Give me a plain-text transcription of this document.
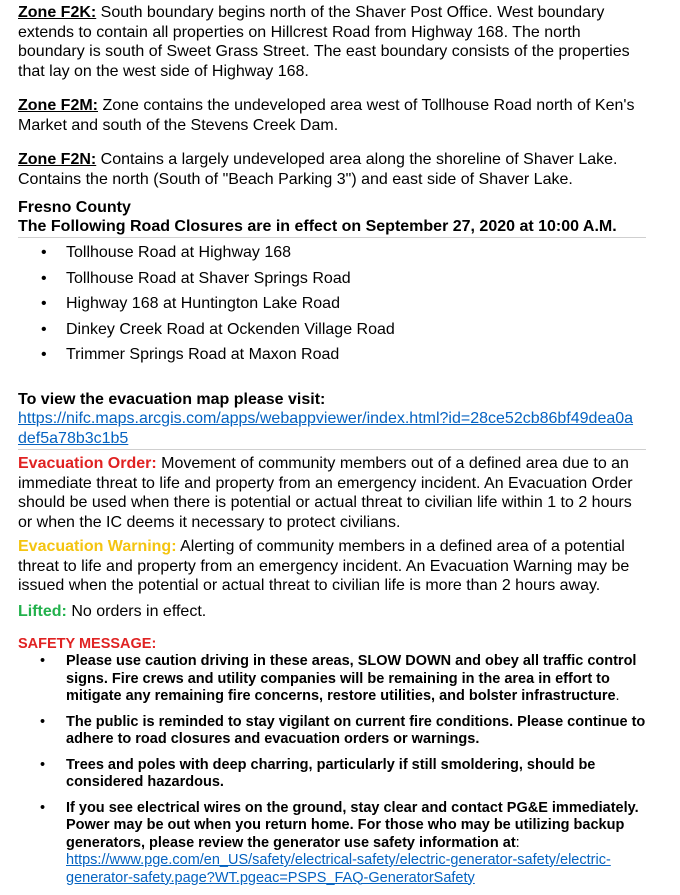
Zone F2K: South boundary begins north of the Shaver Post Office. West boundary extends to contain all properties on Hillcrest Road from Highway 168. The north boundary is south of Sweet Grass Street. The east boundary consists of the properties that lay on the west side of Highway 168.

Zone F2M: Zone contains the undeveloped area west of Tollhouse Road north of Ken's Market and south of the Stevens Creek Dam.

Zone F2N: Contains a largely undeveloped area along the shoreline of Shaver Lake. Contains the north (South of "Beach Parking 3") and east side of Shaver Lake.

Fresno County

The Following Road Closures are in effect on September 27, 2020 at 10:00 A.M.

• Tollhouse Road at Highway 168
• Tollhouse Road at Shaver Springs Road
• Highway 168 at Huntington Lake Road
• Dinkey Creek Road at Ockenden Village Road
• Trimmer Springs Road at Maxon Road

To view the evacuation map please visit:

https://nifc.maps.arcgis.com/apps/webappviewer/index.html?id=28ce52cb86bf49dea0a
def5a78b3c1b5

Evacuation Order: Movement of community members out of a defined area due to an immediate threat to life and property from an emergency incident. An Evacuation Order should be used when there is potential or actual threat to civilian life within 1 to 2 hours or when the IC deems it necessary to protect civilians.

Evacuation Warning: Alerting of community members in a defined area of a potential threat to life and property from an emergency incident. An Evacuation Warning may be issued when the potential or actual threat to civilian life is more than 2 hours away.

Lifted: No orders in effect.

SAFETY MESSAGE:

• Please use caution driving in these areas, SLOW DOWN and obey all traffic control signs. Fire crews and utility companies will be remaining in the area in effort to mitigate any remaining fire concerns, restore utilities, and bolster infrastructure.
• The public is reminded to stay vigilant on current fire conditions. Please continue to adhere to road closures and evacuation orders or warnings.
• Trees and poles with deep charring, particularly if still smoldering, should be considered hazardous.
• If you see electrical wires on the ground, stay clear and contact PG&E immediately. Power may be out when you return home. For those who may be utilizing backup generators, please review the generator use safety information at: https://www.pge.com/en_US/safety/electrical-safety/electric-generator-safety/electric-generator-safety.page?WT.pgeac=PSPS_FAQ-GeneratorSafety
